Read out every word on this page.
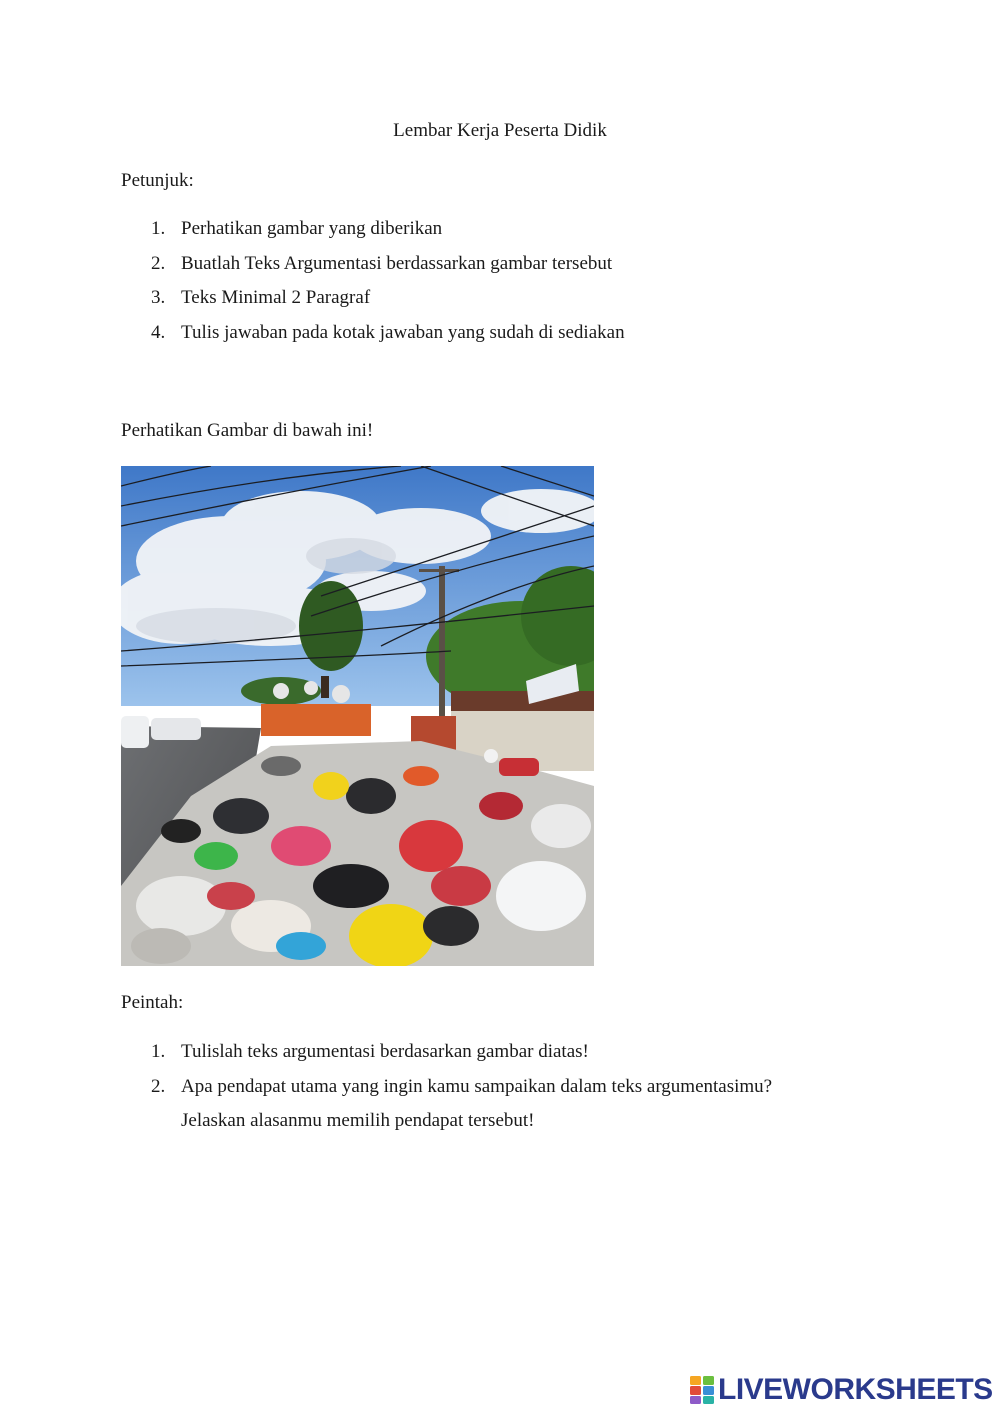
Lembar Kerja Peserta Didik
Petunjuk:
1. Perhatikan gambar yang diberikan
2. Buatlah Teks Argumentasi berdassarkan gambar tersebut
3. Teks Minimal 2 Paragraf
4. Tulis jawaban pada kotak jawaban yang sudah di sediakan
Perhatikan Gambar di bawah ini!
Peintah:
1. Tulislah teks argumentasi berdasarkan gambar diatas!
2. Apa pendapat utama yang ingin kamu sampaikan dalam teks argumentasimu?
Jelaskan alasanmu memilih pendapat tersebut!
LIVEWORKSHEETS
